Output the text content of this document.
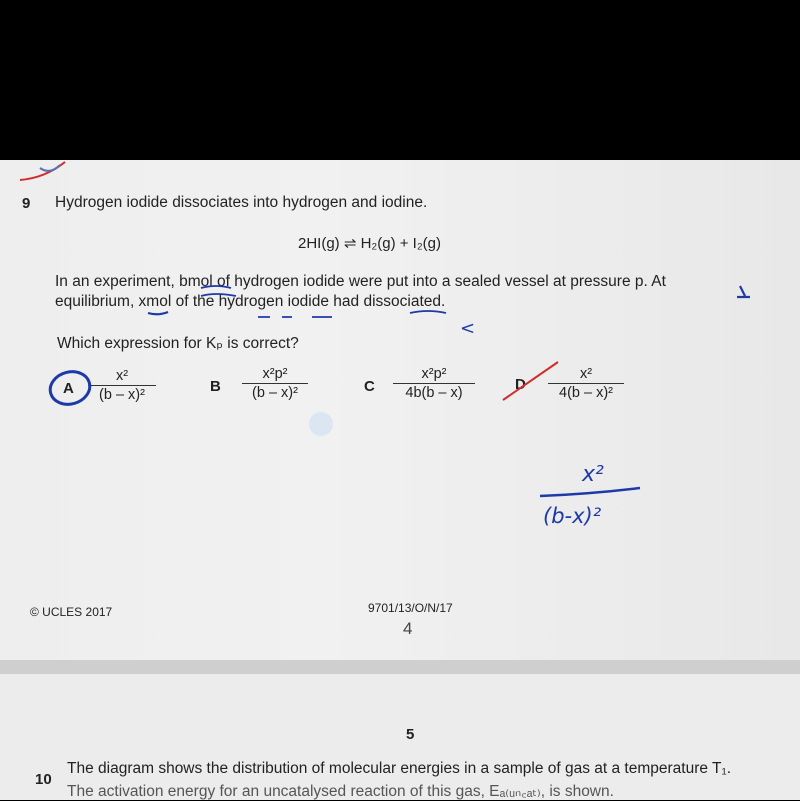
9 Hydrogen iodide dissociates into hydrogen and iodine.
2HI(g) ⇌ H₂(g) + I₂(g)
In an experiment, bmol of hydrogen iodide were put into a sealed vessel at pressure p. At
equilibrium, xmol of the hydrogen iodide had dissociated.
Which expression for Kₚ is correct?
A
x²
(b – x)²	B
x²p²
(b – x)²	C
x²p²
4b(b – x)	D
x²
4(b – x)²
x²
(b-x)²
<
© UCLES 2017	9701/13/O/N/17
4
5
10
The diagram shows the distribution of molecular energies in a sample of gas at a temperature T₁.
The activation energy for an uncatalysed reaction of this gas, Eₐ₍ᵤₙ꜀ₐₜ₎, is shown.
